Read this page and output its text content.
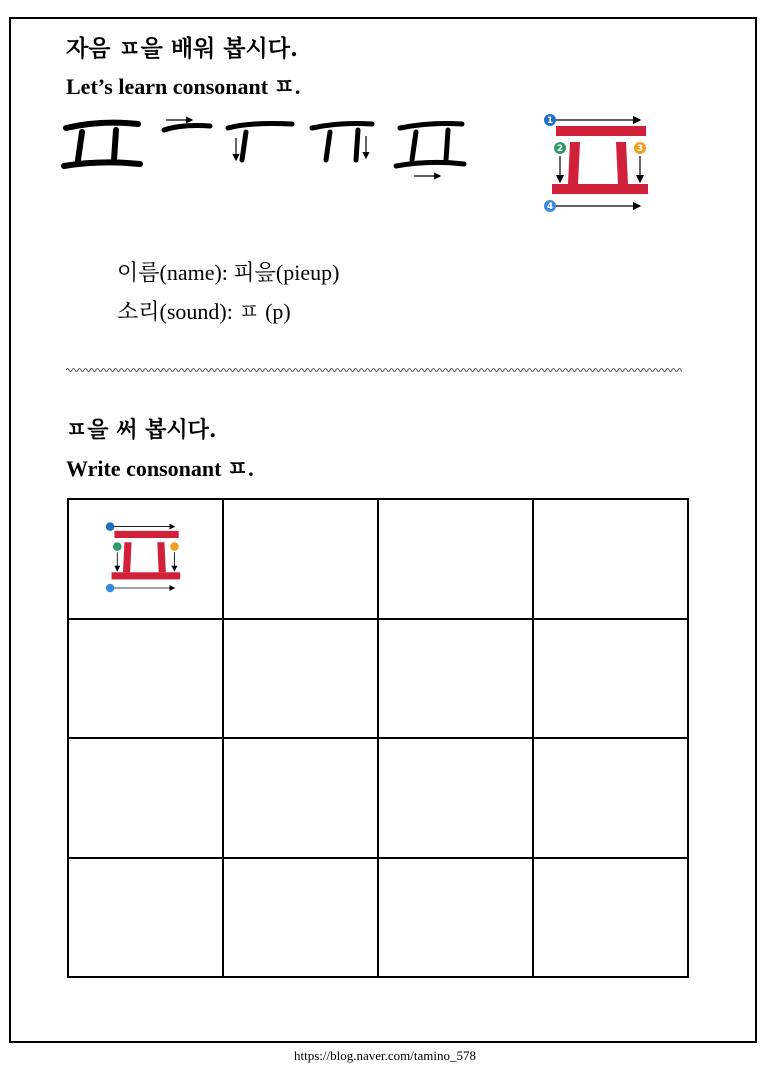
자음 ㅍ을 배워 봅시다.
Let’s learn consonant ㅍ.
1
2	3
4
이름(name): 피읖(pieup)
소리(sound): ㅍ (p)
ㅍ을 써 봅시다.
Write consonant ㅍ.

https://blog.naver.com/tamino_578
